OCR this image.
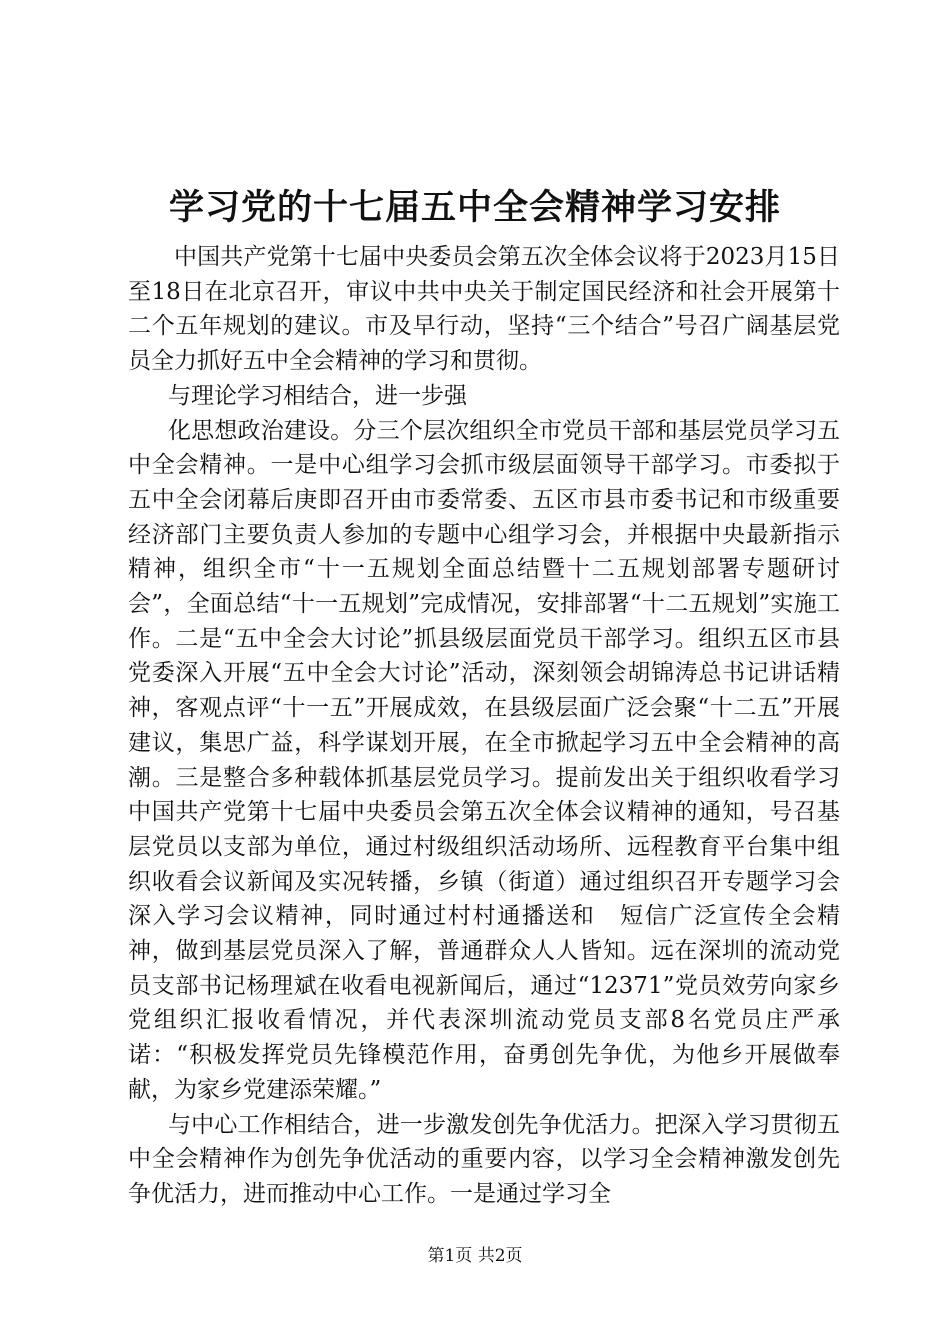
学习党的十七届五中全会精神学习安排

中国共产党第十七届中央委员会第五次全体会议将于2023月15日至18日在北京召开，审议中共中央关于制定国民经济和社会开展第十二个五年规划的建议。市及早行动，坚持“三个结合”号召广阔基层党员全力抓好五中全会精神的学习和贯彻。

与理论学习相结合，进一步强

化思想政治建设。分三个层次组织全市党员干部和基层党员学习五中全会精神。一是中心组学习会抓市级层面领导干部学习。市委拟于五中全会闭幕后庚即召开由市委常委、五区市县市委书记和市级重要经济部门主要负责人参加的专题中心组学习会，并根据中央最新指示精神，组织全市“十一五规划全面总结暨十二五规划部署专题研讨会”，全面总结“十一五规划”完成情况，安排部署“十二五规划”实施工作。二是“五中全会大讨论”抓县级层面党员干部学习。组织五区市县党委深入开展“五中全会大讨论”活动，深刻领会胡锦涛总书记讲话精神，客观点评“十一五”开展成效，在县级层面广泛会聚“十二五”开展建议，集思广益，科学谋划开展，在全市掀起学习五中全会精神的高潮。三是整合多种载体抓基层党员学习。提前发出关于组织收看学习中国共产党第十七届中央委员会第五次全体会议精神的通知，号召基层党员以支部为单位，通过村级组织活动场所、远程教育平台集中组织收看会议新闻及实况转播，乡镇（街道）通过组织召开专题学习会深入学习会议精神，同时通过村村通播送和　短信广泛宣传全会精神，做到基层党员深入了解，普通群众人人皆知。远在深圳的流动党员支部书记杨理斌在收看电视新闻后，通过“12371”党员效劳向家乡党组织汇报收看情况，并代表深圳流动党员支部8名党员庄严承诺：“积极发挥党员先锋模范作用，奋勇创先争优，为他乡开展做奉献，为家乡党建添荣耀。”

与中心工作相结合，进一步激发创先争优活力。把深入学习贯彻五中全会精神作为创先争优活动的重要内容，以学习全会精神激发创先争优活力，进而推动中心工作。一是通过学习全

第1页 共2页
